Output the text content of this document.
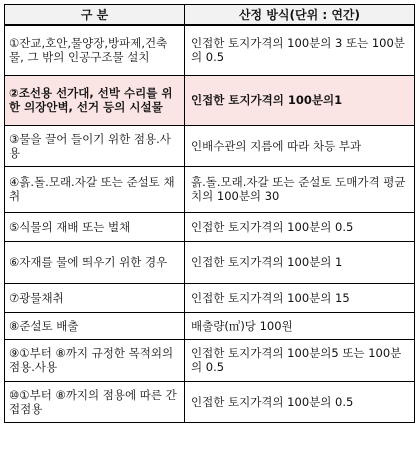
구 분	산정 방식(단위 : 연간)
①잔교,호안,물양장,방파제,건축물, 그 밖의 인공구조물 설치	인접한 토지가격의 100분의 3 또는 100분의 0.5
②조선용 선가대, 선박 수리를 위한 의장안벽, 선거 등의 시설물	인접한 토지가격의 100분의1
③물을 끌어 들이기 위한 점용.사용	인배수관의 지름에 따라 차등 부과
④흙.돌.모래.자갈 또는 준설토 채취	흙.돌.모래.자갈 또는 준설토 도매가격 평균치의 100분의 30
⑤식물의 재배 또는 벌채	인접한 토지가격의 100분의 0.5
⑥자재를 물에 띄우기 위한 경우	인접한 토지가격의 100분의 1
⑦광물채취	인접한 토지가격의 100분의 15
⑧준설토 배출	배출량(㎥)당 100원
⑨①부터 ⑧까지 규정한 목적외의 점용.사용	인접한 토지가격의 100분의5 또는 100분의 0.5
⑩①부터 ⑧까지의 점용에 따른 간접점용	인접한 토지가격의 100분의 0.5
